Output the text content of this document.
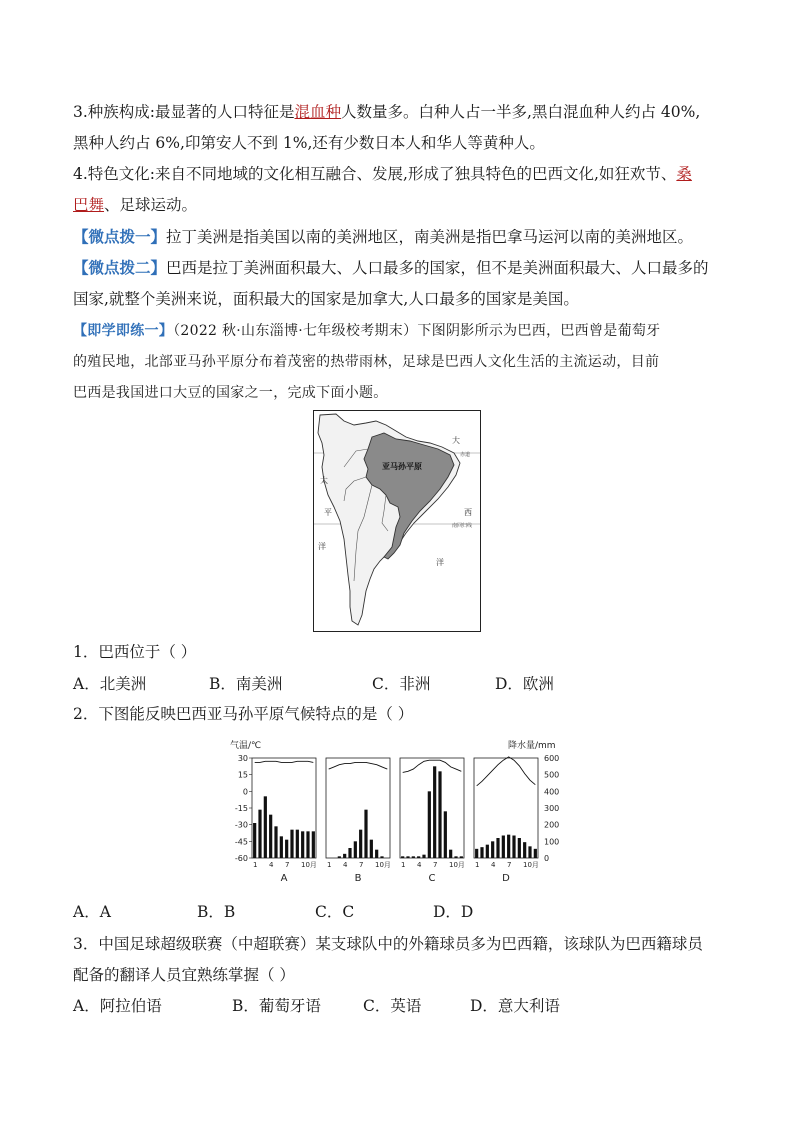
3.种族构成:最显著的人口特征是混血种人数量多。白种人占一半多,黑白混血种人约占 40%,
黑种人约占 6%,印第安人不到 1%,还有少数日本人和华人等黄种人。
4.特色文化:来自不同地域的文化相互融合、发展,形成了独具特色的巴西文化,如狂欢节、桑
巴舞、足球运动。
【微点拨一】拉丁美洲是指美国以南的美洲地区，南美洲是指巴拿马运河以南的美洲地区。
【微点拨二】巴西是拉丁美洲面积最大、人口最多的国家，但不是美洲面积最大、人口最多的
国家,就整个美洲来说，面积最大的国家是加拿大,人口最多的国家是美国。
【即学即练一】（2022 秋·山东淄博·七年级校考期末）下图阴影所示为巴西，巴西曾是葡萄牙
的殖民地，北部亚马孙平原分布着茂密的热带雨林，足球是巴西人文化生活的主流运动，目前
巴西是我国进口大豆的国家之一，完成下面小题。
亚马孙平原
大
赤道
西
南回归线
洋
太
平
洋
1．巴西位于（ ）
A．北美洲	B．南美洲	C．非洲	D．欧洲
2．下图能反映巴西亚马孙平原气候特点的是（ ）
气温/℃	降水量/mm
30
15
0
-15
-30
-45
-60
600
500
400
300
200
100
0
1 4 7 10月
A
1 4 7 10月
B
1 4 7 10月
C
1 4 7 10月
D
A．A	B．B	C．C	D．D
3．中国足球超级联赛（中超联赛）某支球队中的外籍球员多为巴西籍，该球队为巴西籍球员
配备的翻译人员宜熟练掌握（ ）
A．阿拉伯语	B．葡萄牙语	C．英语	D．意大利语
